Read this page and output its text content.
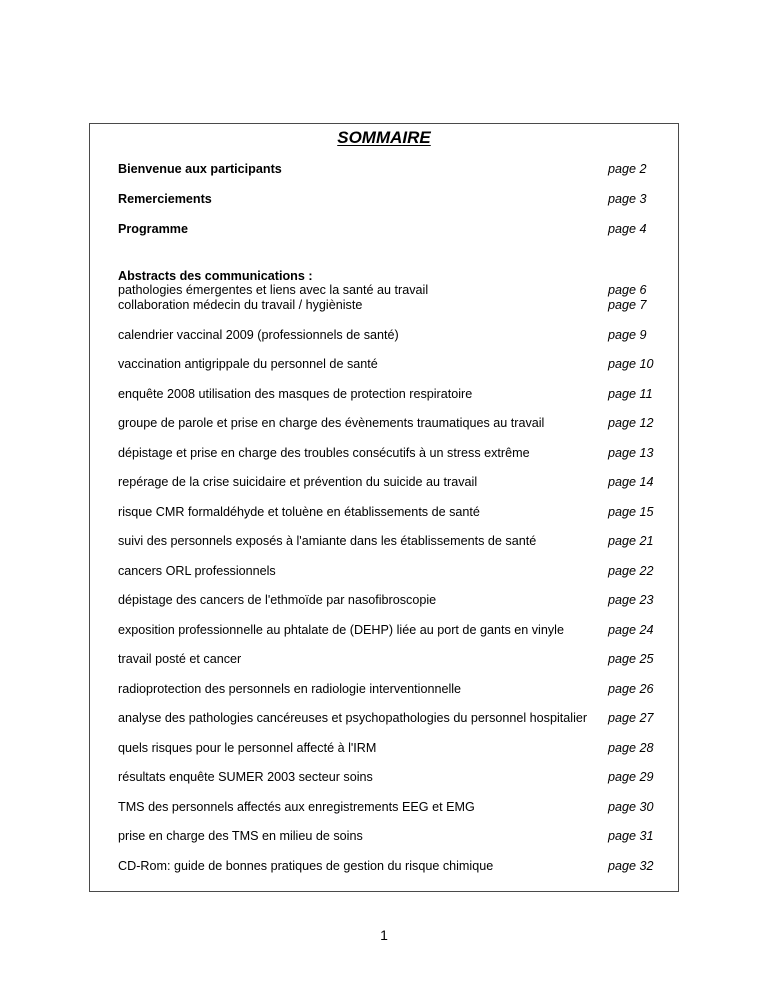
SOMMAIRE
Bienvenue aux participants	page 2
Remerciements	page 3
Programme	page 4
pathologies émergentes et liens avec la santé au travail	page 6
collaboration médecin du travail / hygièniste	page 7
calendrier vaccinal 2009 (professionnels de santé)	page 9
vaccination antigrippale du personnel de santé	page 10
enquête 2008 utilisation des masques de protection respiratoire	page 11
groupe de parole et prise en charge des évènements traumatiques au travail	page 12
dépistage et prise en charge des troubles consécutifs à un stress extrême	page 13
repérage de la crise suicidaire et prévention du suicide au travail	page 14
risque CMR formaldéhyde et toluène en établissements de santé	page 15
suivi des personnels exposés à l'amiante dans les établissements de santé	page 21
cancers ORL professionnels	page 22
dépistage des cancers de l'ethmoïde par nasofibroscopie	page 23
exposition professionnelle au phtalate de (DEHP) liée au port de gants en vinyle	page 24
travail posté et cancer	page 25
radioprotection des personnels en radiologie interventionnelle	page 26
analyse des pathologies cancéreuses et psychopathologies du personnel hospitalier page 27
quels risques pour le personnel affecté à l'IRM	page 28
résultats enquête SUMER 2003 secteur soins	page 29
TMS des personnels affectés aux enregistrements EEG et EMG	page 30
prise en charge des TMS en milieu de soins	page 31
CD-Rom: guide de bonnes pratiques de gestion du risque chimique	page 32
Abstracts des communications :
1
